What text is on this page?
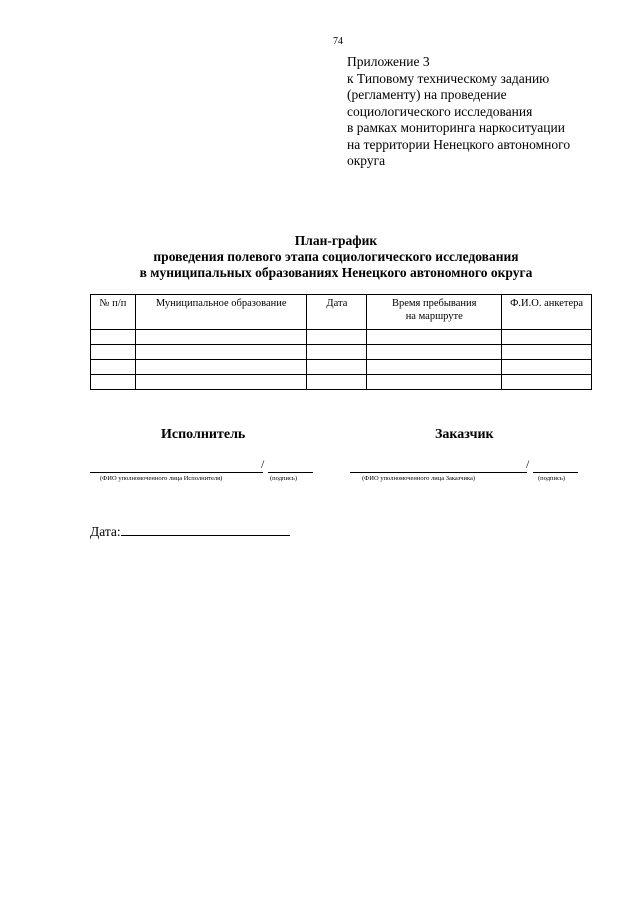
74
Приложение 3
к Типовому техническому заданию
(регламенту) на проведение
социологического исследования
в рамках мониторинга наркоситуации
на территории Ненецкого автономного
округа
План-график
проведения полевого этапа социологического исследования
в муниципальных образованиях Ненецкого автономного округа
№ п/п	Муниципальное образование	Дата	Время пребывания на маршруте	Ф.И.О. анкетера

Исполнитель
/
(ФИО уполномоченного лица Исполнителя)	(подпись)
Заказчик
/
(ФИО уполномоченного лица Заказчика)	(подпись)
Дата:
